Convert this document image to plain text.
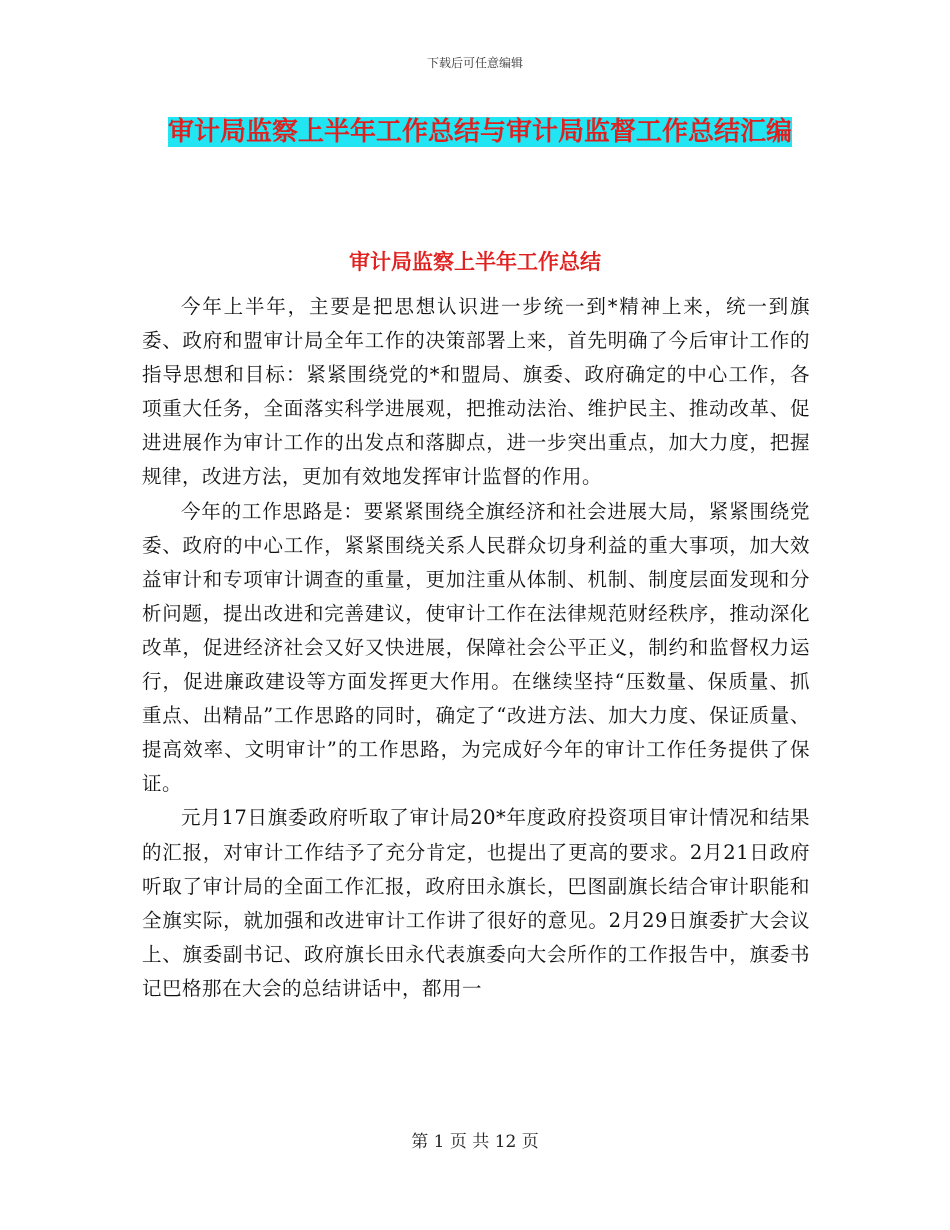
下载后可任意编辑
审计局监察上半年工作总结与审计局监督工作总结汇编
审计局监察上半年工作总结

今年上半年，主要是把思想认识进一步统一到*精神上来，统一到旗委、政府和盟审计局全年工作的决策部署上来，首先明确了今后审计工作的指导思想和目标：紧紧围绕党的*和盟局、旗委、政府确定的中心工作，各项重大任务，全面落实科学进展观，把推动法治、维护民主、推动改革、促进进展作为审计工作的出发点和落脚点，进一步突出重点，加大力度，把握规律，改进方法，更加有效地发挥审计监督的作用。

今年的工作思路是：要紧紧围绕全旗经济和社会进展大局，紧紧围绕党委、政府的中心工作，紧紧围绕关系人民群众切身利益的重大事项，加大效益审计和专项审计调查的重量，更加注重从体制、机制、制度层面发现和分析问题，提出改进和完善建议，使审计工作在法律规范财经秩序，推动深化改革，促进经济社会又好又快进展，保障社会公平正义，制约和监督权力运行，促进廉政建设等方面发挥更大作用。在继续坚持“压数量、保质量、抓重点、出精品”工作思路的同时，确定了“改进方法、加大力度、保证质量、提高效率、文明审计”的工作思路，为完成好今年的审计工作任务提供了保证。

元月17日旗委政府听取了审计局20*年度政府投资项目审计情况和结果的汇报，对审计工作结予了充分肯定，也提出了更高的要求。2月21日政府听取了审计局的全面工作汇报，政府田永旗长，巴图副旗长结合审计职能和全旗实际，就加强和改进审计工作讲了很好的意见。2月29日旗委扩大会议上、旗委副书记、政府旗长田永代表旗委向大会所作的工作报告中，旗委书记巴格那在大会的总结讲话中，都用一

第 1 页 共 12 页
